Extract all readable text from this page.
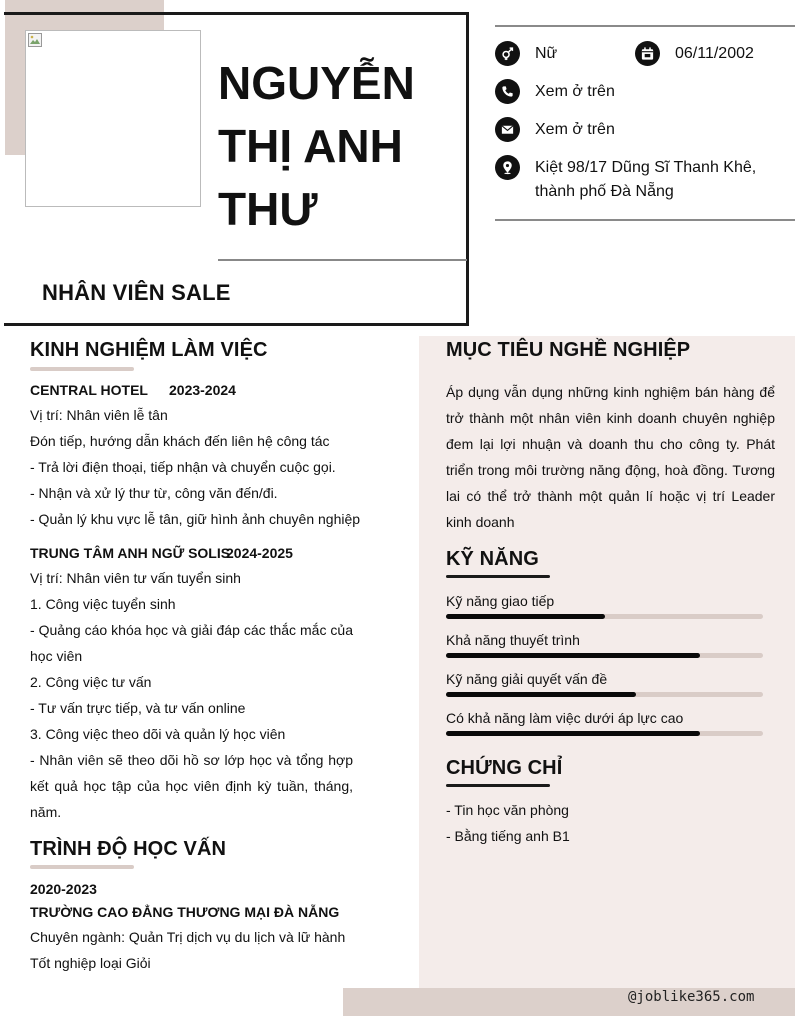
NGUYỄN
THỊ ANH
THƯ
NHÂN VIÊN SALE
Nữ	06/11/2002
Xem ở trên
Xem ở trên
Kiệt 98/17 Dũng Sĩ Thanh Khê,
thành phố Đà Nẵng
KINH NGHIỆM LÀM VIỆC
CENTRAL HOTEL 2023-2024
Vị trí: Nhân viên lễ tân
Đón tiếp, hướng dẫn khách đến liên hệ công tác
- Trả lời điện thoại, tiếp nhận và chuyển cuộc gọi.
- Nhận và xử lý thư từ, công văn đến/đi.
- Quản lý khu vực lễ tân, giữ hình ảnh chuyên nghiệp
TRUNG TÂM ANH NGỮ SOLIS
2024-2025
Vị trí: Nhân viên tư vấn tuyển sinh
1. Công việc tuyển sinh
- Quảng cáo khóa học và giải đáp các thắc mắc của học viên
2. Công việc tư vấn
- Tư vấn trực tiếp, và tư vấn online
3. Công việc theo dõi và quản lý học viên
- Nhân viên sẽ theo dõi hồ sơ lớp học và tổng hợp kết quả học tập của học viên định kỳ tuần, tháng, năm.
TRÌNH ĐỘ HỌC VẤN
2020-2023
TRƯỜNG CAO ĐẲNG THƯƠNG MẠI ĐÀ NẴNG
Chuyên ngành: Quản Trị dịch vụ du lịch và lữ hành
Tốt nghiệp loại Giỏi
MỤC TIÊU NGHỀ NGHIỆP
Áp dụng vẫn dụng những kinh nghiệm bán hàng để trở thành một nhân viên kinh doanh chuyên nghiệp đem lại lợi nhuận và doanh thu cho công ty. Phát triển trong môi trường năng động, hoà đồng. Tương lai có thể trở thành một quản lí hoặc vị trí Leader kinh doanh
KỸ NĂNG
Kỹ năng giao tiếp
Khả năng thuyết trình
Kỹ năng giải quyết vấn đề
Có khả năng làm việc dưới áp lực cao
CHỨNG CHỈ
- Tin học văn phòng
- Bằng tiếng anh B1
@joblike365.com
